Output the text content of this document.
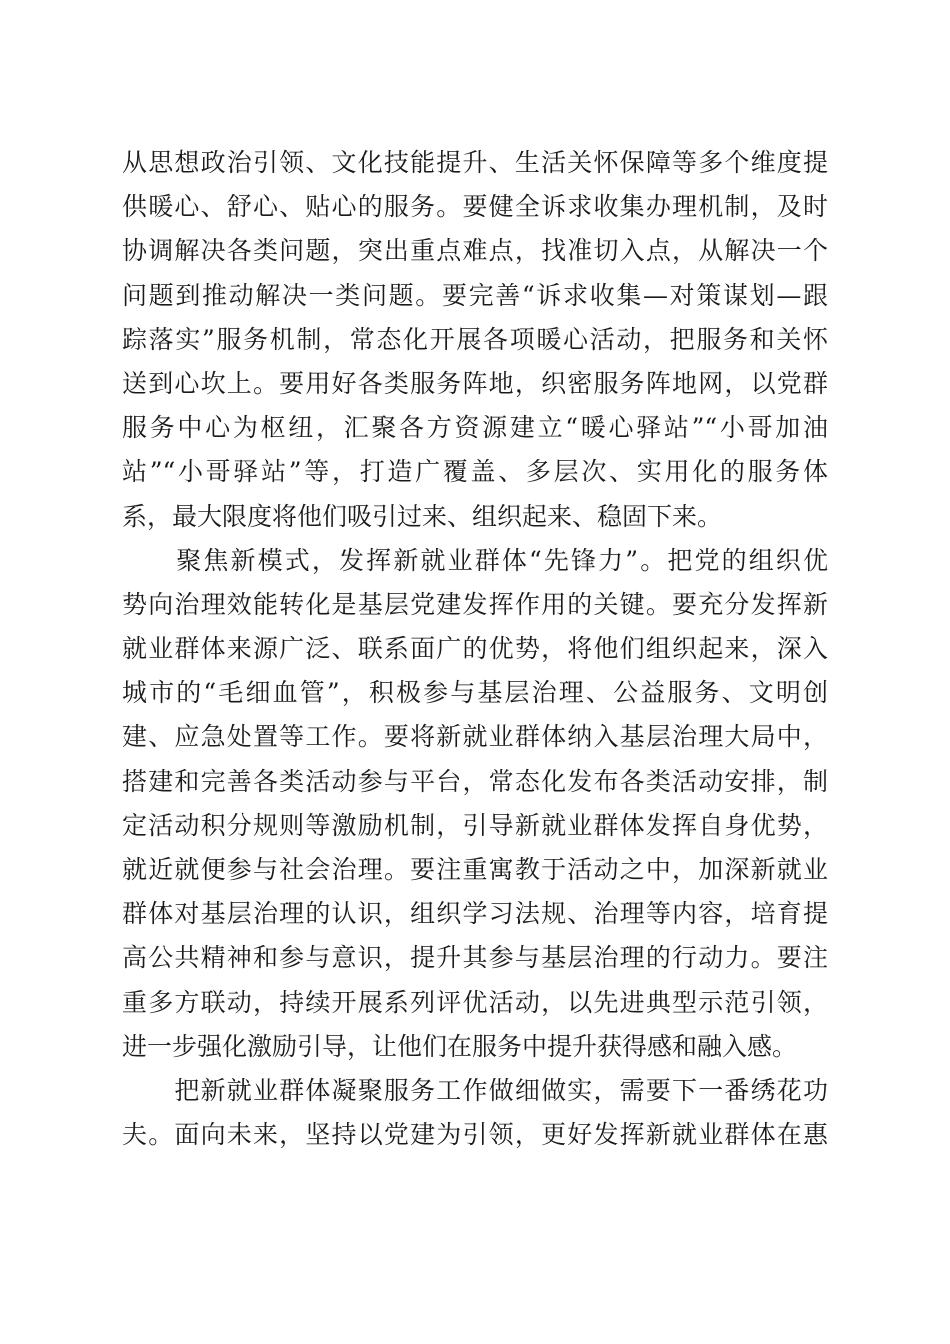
从思想政治引领、文化技能提升、生活关怀保障等多个维度提
供暖心、舒心、贴心的服务。要健全诉求收集办理机制，及时
协调解决各类问题，突出重点难点，找准切入点，从解决一个
问题到推动解决一类问题。要完善“诉求收集—对策谋划—跟
踪落实”服务机制，常态化开展各项暖心活动，把服务和关怀
送到心坎上。要用好各类服务阵地，织密服务阵地网，以党群
服务中心为枢纽，汇聚各方资源建立“暖心驿站”“小哥加油
站”“小哥驿站”等，打造广覆盖、多层次、实用化的服务体
系，最大限度将他们吸引过来、组织起来、稳固下来。
　　聚焦新模式，发挥新就业群体“先锋力”。把党的组织优
势向治理效能转化是基层党建发挥作用的关键。要充分发挥新
就业群体来源广泛、联系面广的优势，将他们组织起来，深入
城市的“毛细血管”，积极参与基层治理、公益服务、文明创
建、应急处置等工作。要将新就业群体纳入基层治理大局中，
搭建和完善各类活动参与平台，常态化发布各类活动安排，制
定活动积分规则等激励机制，引导新就业群体发挥自身优势，
就近就便参与社会治理。要注重寓教于活动之中，加深新就业
群体对基层治理的认识，组织学习法规、治理等内容，培育提
高公共精神和参与意识，提升其参与基层治理的行动力。要注
重多方联动，持续开展系列评优活动，以先进典型示范引领，
进一步强化激励引导，让他们在服务中提升获得感和融入感。
　　把新就业群体凝聚服务工作做细做实，需要下一番绣花功
夫。面向未来，坚持以党建为引领，更好发挥新就业群体在惠
